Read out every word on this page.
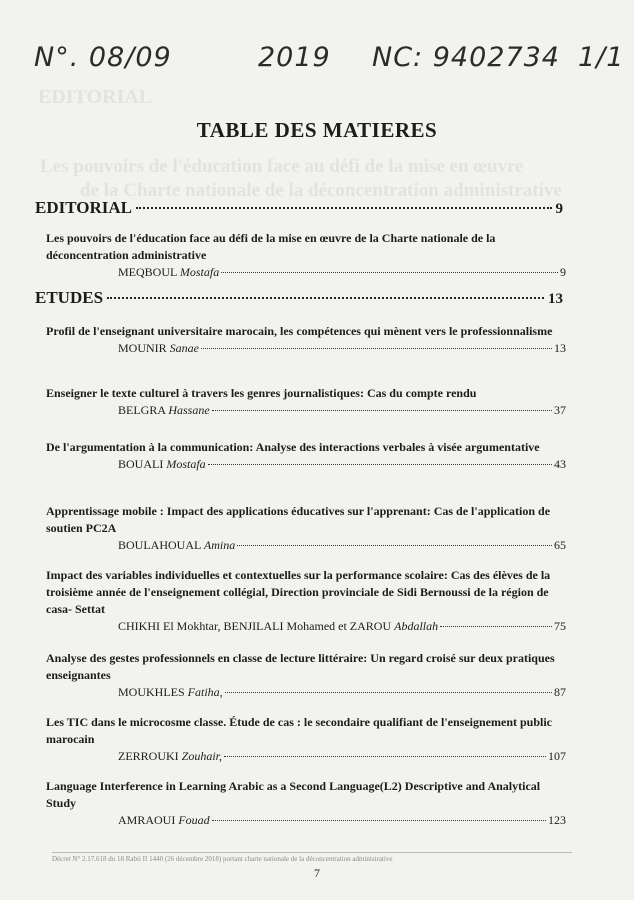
N°. 08/09	2019 NC: 9402734 1/1
EDITORIAL
Les pouvoirs de l'éducation face au défi de la mise en œuvre
de la Charte nationale de la déconcentration administrative
TABLE DES MATIERES
EDITORIAL	9
Les pouvoirs de l'éducation face au défi de la mise en œuvre de la Charte nationale de la déconcentration administrative
MEQBOUL Mostafa	9
ETUDES	13
Profil de l'enseignant universitaire marocain, les compétences qui mènent vers le professionnalisme
MOUNIR Sanae	13
Enseigner le texte culturel à travers les genres journalistiques: Cas du compte rendu
BELGRA Hassane	37
De l'argumentation à la communication: Analyse des interactions verbales à visée argumentative
BOUALI Mostafa	43
Apprentissage mobile : Impact des applications éducatives sur l'apprenant: Cas de l'application de soutien PC2A
BOULAHOUAL Amina	65
Impact des variables individuelles et contextuelles sur la performance scolaire: Cas des élèves de la troisième année de l'enseignement collégial, Direction provinciale de Sidi Bernoussi de la région de casa- Settat
CHIKHI El Mokhtar, BENJILALI Mohamed et ZAROU Abdallah	75
Analyse des gestes professionnels en classe de lecture littéraire: Un regard croisé sur deux pratiques enseignantes
MOUKHLES Fatiha,	87
Les TIC dans le microcosme classe. Étude de cas : le secondaire qualifiant de l'enseignement public marocain
ZERROUKI Zouhair,	107
Language Interference in Learning Arabic as a Second Language(L2) Descriptive and Analytical Study
AMRAOUI Fouad	123
Décret N° 2.17.618 du 18 Rabii II 1440 (26 décembre 2018) portant charte nationale de la déconcentration administrative
7
